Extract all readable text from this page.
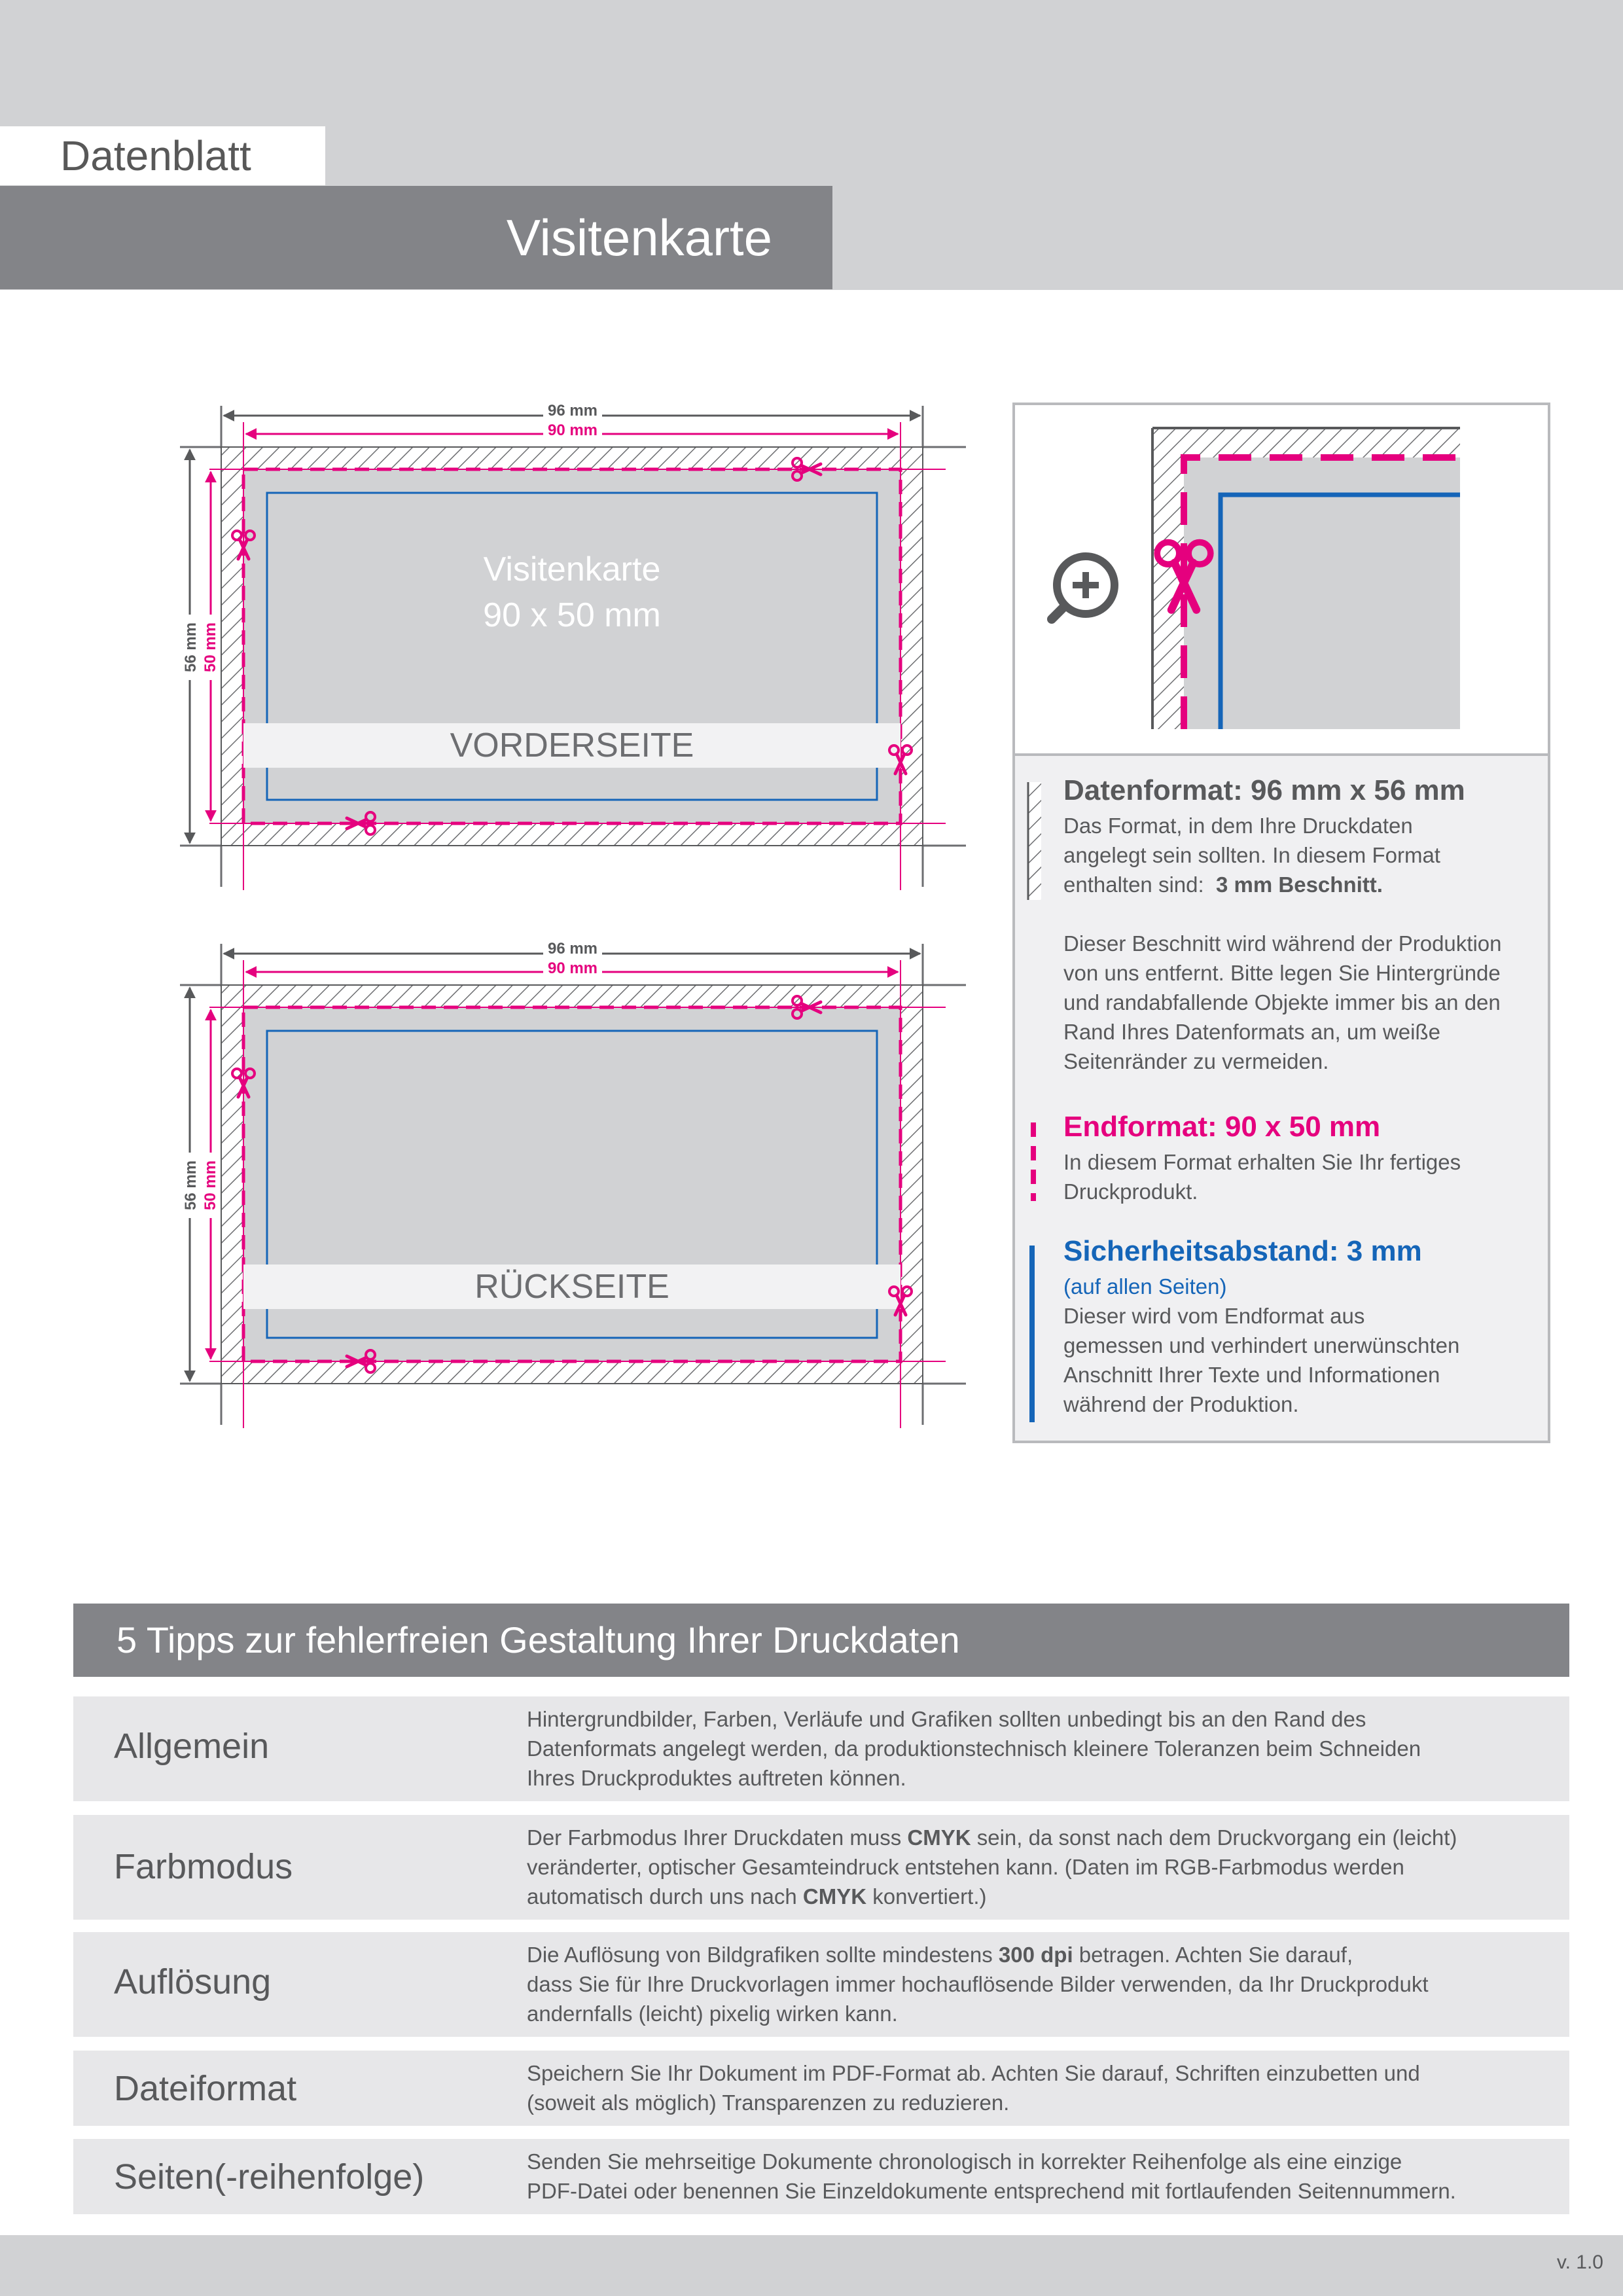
Datenblatt
Visitenkarte
96 mm
90 mm
56 mm 50 mm
Visitenkarte
90 x 50 mm
VORDERSEITE
96 mm
90 mm
56 mm 50 mm
RÜCKSEITE
Datenformat: 96 mm x 56 mm
Das Format, in dem Ihre Druckdaten
angelegt sein sollten. In diesem Format
enthalten sind: 3 mm Beschnitt.
Dieser Beschnitt wird während der Produktion
von uns entfernt. Bitte legen Sie Hintergründe
und randabfallende Objekte immer bis an den
Rand Ihres Datenformats an, um weiße
Seitenränder zu vermeiden.
Endformat: 90 x 50 mm
In diesem Format erhalten Sie Ihr fertiges
Druckprodukt.
Sicherheitsabstand: 3 mm
(auf allen Seiten)
Dieser wird vom Endformat aus
gemessen und verhindert unerwünschten
Anschnitt Ihrer Texte und Informationen
während der Produktion.
5 Tipps zur fehlerfreien Gestaltung Ihrer Druckdaten
Allgemein
Hintergrundbilder, Farben, Verläufe und Grafiken sollten unbedingt bis an den Rand des
Datenformats angelegt werden, da produktionstechnisch kleinere Toleranzen beim Schneiden
Ihres Druckproduktes auftreten können.
Farbmodus
Der Farbmodus Ihrer Druckdaten muss CMYK sein, da sonst nach dem Druckvorgang ein (leicht)
veränderter, optischer Gesamteindruck entstehen kann. (Daten im RGB-Farbmodus werden
automatisch durch uns nach CMYK konvertiert.)
Auflösung
Die Auflösung von Bildgrafiken sollte mindestens 300 dpi betragen. Achten Sie darauf,
dass Sie für Ihre Druckvorlagen immer hochauflösende Bilder verwenden, da Ihr Druckprodukt
andernfalls (leicht) pixelig wirken kann.
Dateiformat	Speichern Sie Ihr Dokument im PDF-Format ab. Achten Sie darauf, Schriften einzubetten und
(soweit als möglich) Transparenzen zu reduzieren.
Seiten(-reihenfolge)	Senden Sie mehrseitige Dokumente chronologisch in korrekter Reihenfolge als eine einzige
PDF-Datei oder benennen Sie Einzeldokumente entsprechend mit fortlaufenden Seitennummern.
v. 1.0
